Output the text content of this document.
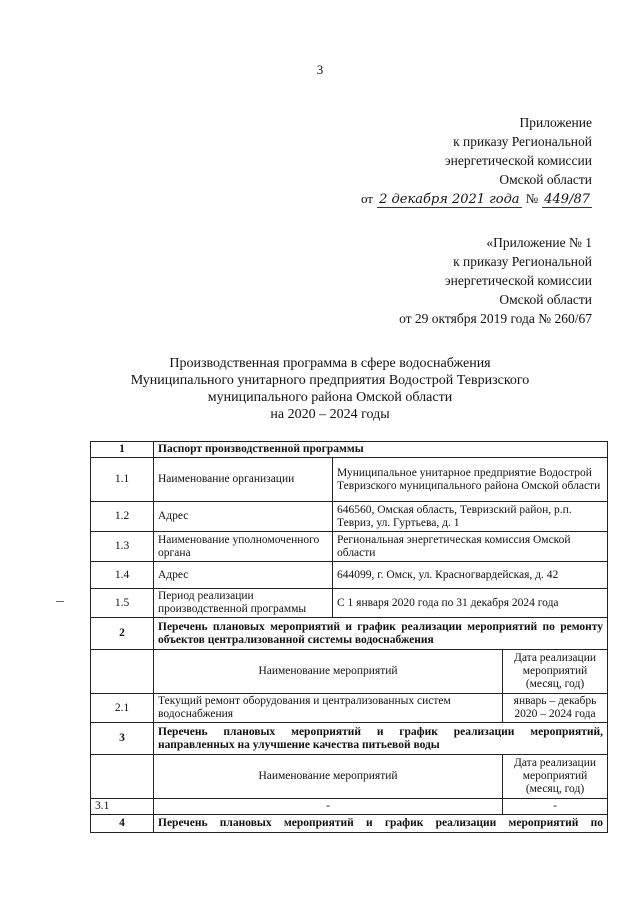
3
Приложение
к приказу Региональной
энергетической комиссии
Омской области
от 2 декабря 2021 года № 449/87
«Приложение № 1
к приказу Региональной
энергетической комиссии
Омской области
от 29 октября 2019 года № 260/67
Производственная программа в сфере водоснабжения
Муниципального унитарного предприятия Водострой Тевризского
муниципального района Омской области
на 2020 – 2024 годы
1	Паспорт производственной программы		
1.1	Наименование организации	Муниципальное унитарное предприятие Водострой Тевризского муниципального района Омской области	
1.2	Адрес	646560, Омская область, Тевризский район, р.п. Тевриз, ул. Гуртьева, д. 1	
1.3	Наименование уполномоченного органа	Региональная энергетическая комиссия Омской области	
1.4	Адрес	644099, г. Омск, ул. Красногвардейская, д. 42	
1.5	Период реализации производственной программы	С 1 января 2020 года по 31 декабря 2024 года	
2	Перечень плановых мероприятий и график реализации мероприятий по ремонту объектов централизованной системы водоснабжения		
	Наименование мероприятий		Дата реализации мероприятий (месяц, год)
2.1	Текущий ремонт оборудования и централизованных систем водоснабжения		январь – декабрь 2020 – 2024 года
3	Перечень плановых мероприятий и график реализации мероприятий, направленных на улучшение качества питьевой воды		
	Наименование мероприятий		Дата реализации мероприятий (месяц, год)
3.1	-		-
4	Перечень плановых мероприятий и график реализации мероприятий по		
